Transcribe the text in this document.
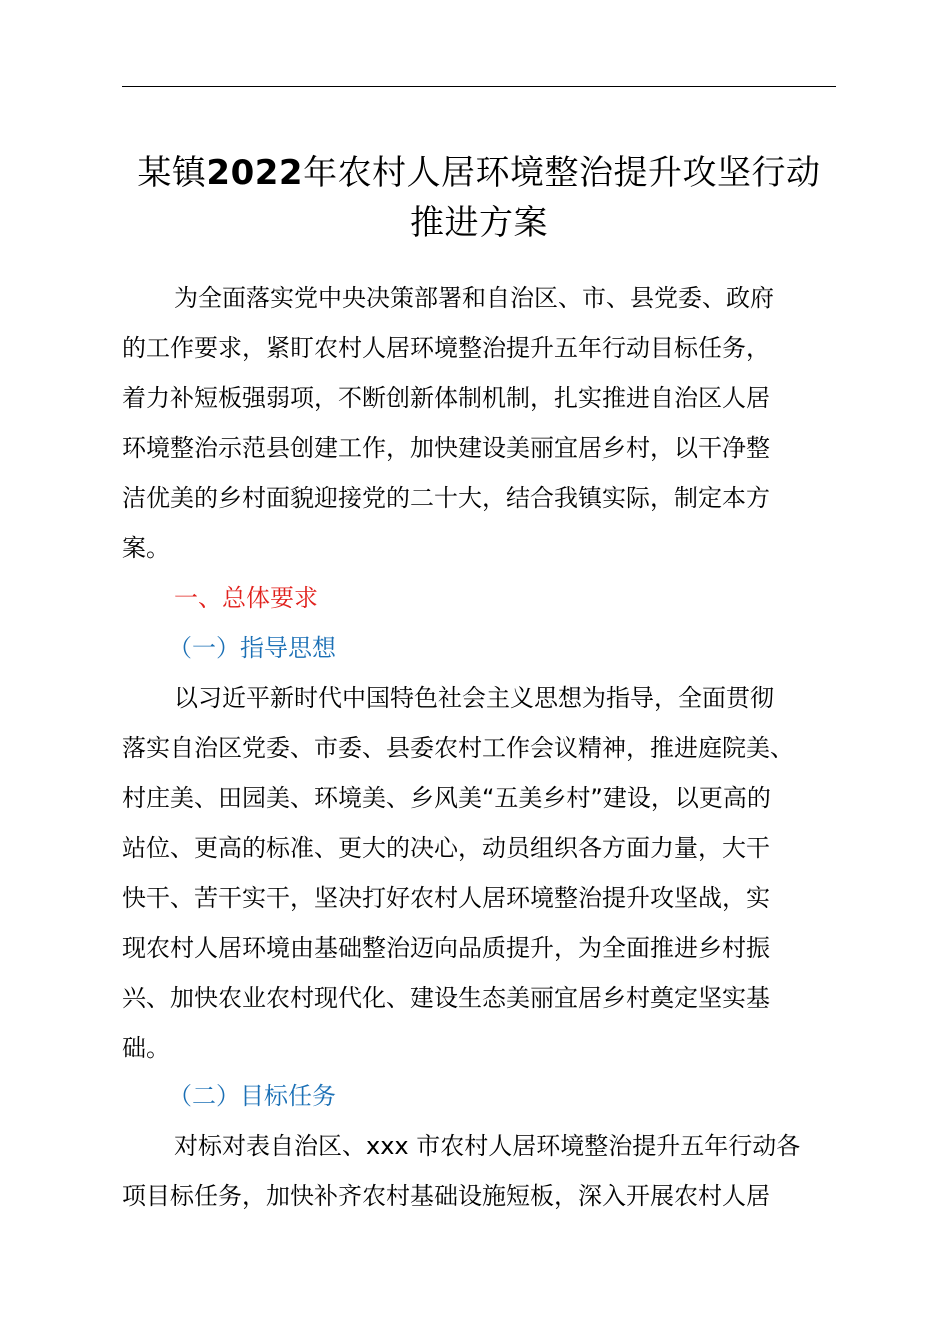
某镇2022年农村人居环境整治提升攻坚行动
推进方案
为全面落实党中央决策部署和自治区、市、县党委、政府
的工作要求，紧盯农村人居环境整治提升五年行动目标任务，
着力补短板强弱项，不断创新体制机制，扎实推进自治区人居
环境整治示范县创建工作，加快建设美丽宜居乡村，以干净整
洁优美的乡村面貌迎接党的二十大，结合我镇实际，制定本方
案。
一、总体要求
（一）指导思想
以习近平新时代中国特色社会主义思想为指导，全面贯彻
落实自治区党委、市委、县委农村工作会议精神，推进庭院美、
村庄美、田园美、环境美、乡风美“五美乡村”建设，以更高的
站位、更高的标准、更大的决心，动员组织各方面力量，大干
快干、苦干实干，坚决打好农村人居环境整治提升攻坚战，实
现农村人居环境由基础整治迈向品质提升，为全面推进乡村振
兴、加快农业农村现代化、建设生态美丽宜居乡村奠定坚实基
础。
（二）目标任务
对标对表自治区、xxx 市农村人居环境整治提升五年行动各
项目标任务，加快补齐农村基础设施短板，深入开展农村人居
